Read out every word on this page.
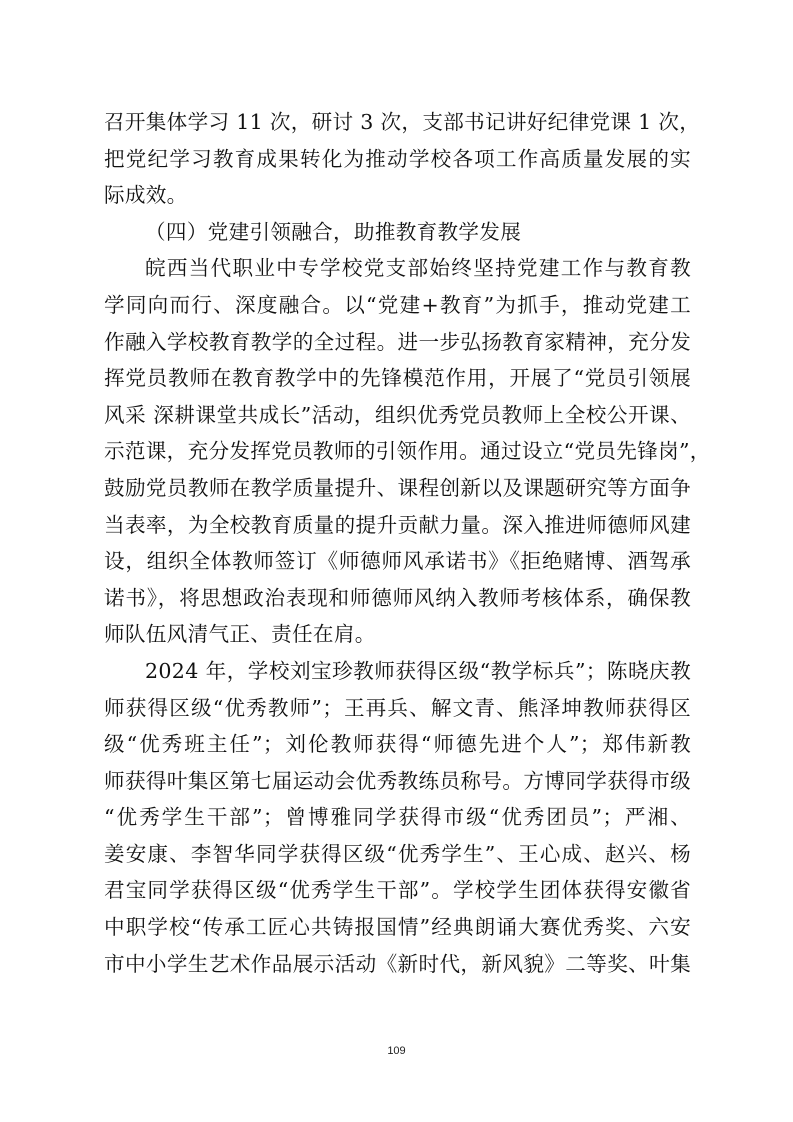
召开集体学习 11 次，研讨 3 次，支部书记讲好纪律党课 1 次，
把党纪学习教育成果转化为推动学校各项工作高质量发展的实
际成效。
（四）党建引领融合，助推教育教学发展
皖西当代职业中专学校党支部始终坚持党建工作与教育教
学同向而行、深度融合。以“党建+教育”为抓手，推动党建工
作融入学校教育教学的全过程。进一步弘扬教育家精神，充分发
挥党员教师在教育教学中的先锋模范作用，开展了“党员引领展
风采 深耕课堂共成长”活动，组织优秀党员教师上全校公开课、
示范课，充分发挥党员教师的引领作用。通过设立“党员先锋岗”，
鼓励党员教师在教学质量提升、课程创新以及课题研究等方面争
当表率，为全校教育质量的提升贡献力量。深入推进师德师风建
设，组织全体教师签订《师德师风承诺书》《拒绝赌博、酒驾承
诺书》，将思想政治表现和师德师风纳入教师考核体系，确保教
师队伍风清气正、责任在肩。
2024 年，学校刘宝珍教师获得区级“教学标兵”；陈晓庆教
师获得区级“优秀教师”；王再兵、解文青、熊泽坤教师获得区
级“优秀班主任”；刘伦教师获得“师德先进个人”；郑伟新教
师获得叶集区第七届运动会优秀教练员称号。方博同学获得市级
“优秀学生干部”；曾博雅同学获得市级“优秀团员”；严湘、
姜安康、李智华同学获得区级“优秀学生”、王心成、赵兴、杨
君宝同学获得区级“优秀学生干部”。学校学生团体获得安徽省
中职学校“传承工匠心共铸报国情”经典朗诵大赛优秀奖、六安
市中小学生艺术作品展示活动《新时代，新风貌》二等奖、叶集
109
